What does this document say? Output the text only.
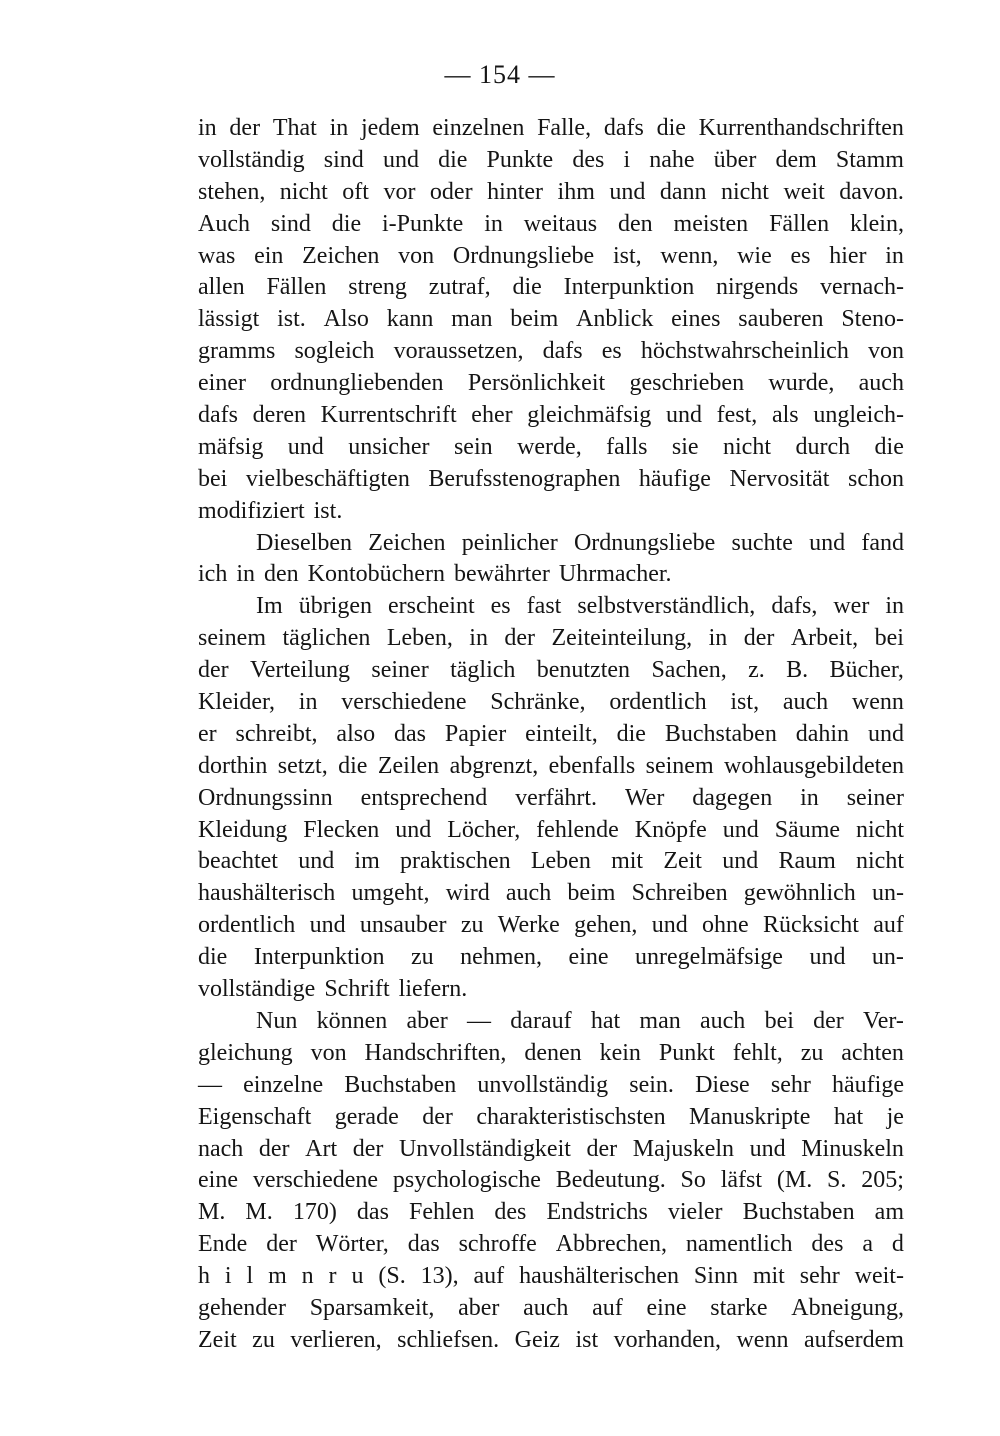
— 154 —
in der That in jedem einzelnen Falle, dafs die Kurrenthandschriften
vollständig sind und die Punkte des i nahe über dem Stamm
stehen, nicht oft vor oder hinter ihm und dann nicht weit davon.
Auch sind die i-Punkte in weitaus den meisten Fällen klein,
was ein Zeichen von Ordnungsliebe ist, wenn, wie es hier in
allen Fällen streng zutraf, die Interpunktion nirgends vernach-
lässigt ist. Also kann man beim Anblick eines sauberen Steno-
gramms sogleich voraussetzen, dafs es höchstwahrscheinlich von
einer ordnungliebenden Persönlichkeit geschrieben wurde, auch
dafs deren Kurrentschrift eher gleichmäfsig und fest, als ungleich-
mäfsig und unsicher sein werde, falls sie nicht durch die
bei vielbeschäftigten Berufsstenographen häufige Nervosität schon
modifiziert ist.
Dieselben Zeichen peinlicher Ordnungsliebe suchte und fand
ich in den Kontobüchern bewährter Uhrmacher.
Im übrigen erscheint es fast selbstverständlich, dafs, wer in
seinem täglichen Leben, in der Zeiteinteilung, in der Arbeit, bei
der Verteilung seiner täglich benutzten Sachen, z. B. Bücher,
Kleider, in verschiedene Schränke, ordentlich ist, auch wenn
er schreibt, also das Papier einteilt, die Buchstaben dahin und
dorthin setzt, die Zeilen abgrenzt, ebenfalls seinem wohlausgebildeten
Ordnungssinn entsprechend verfährt. Wer dagegen in seiner
Kleidung Flecken und Löcher, fehlende Knöpfe und Säume nicht
beachtet und im praktischen Leben mit Zeit und Raum nicht
haushälterisch umgeht, wird auch beim Schreiben gewöhnlich un-
ordentlich und unsauber zu Werke gehen, und ohne Rücksicht auf
die Interpunktion zu nehmen, eine unregelmäfsige und un-
vollständige Schrift liefern.
Nun können aber — darauf hat man auch bei der Ver-
gleichung von Handschriften, denen kein Punkt fehlt, zu achten
— einzelne Buchstaben unvollständig sein. Diese sehr häufige
Eigenschaft gerade der charakteristischsten Manuskripte hat je
nach der Art der Unvollständigkeit der Majuskeln und Minuskeln
eine verschiedene psychologische Bedeutung. So läfst (M. S. 205;
M. M. 170) das Fehlen des Endstrichs vieler Buchstaben am
Ende der Wörter, das schroffe Abbrechen, namentlich des a d
h i l m n r u (S. 13), auf haushälterischen Sinn mit sehr weit-
gehender Sparsamkeit, aber auch auf eine starke Abneigung,
Zeit zu verlieren, schliefsen. Geiz ist vorhanden, wenn aufserdem
